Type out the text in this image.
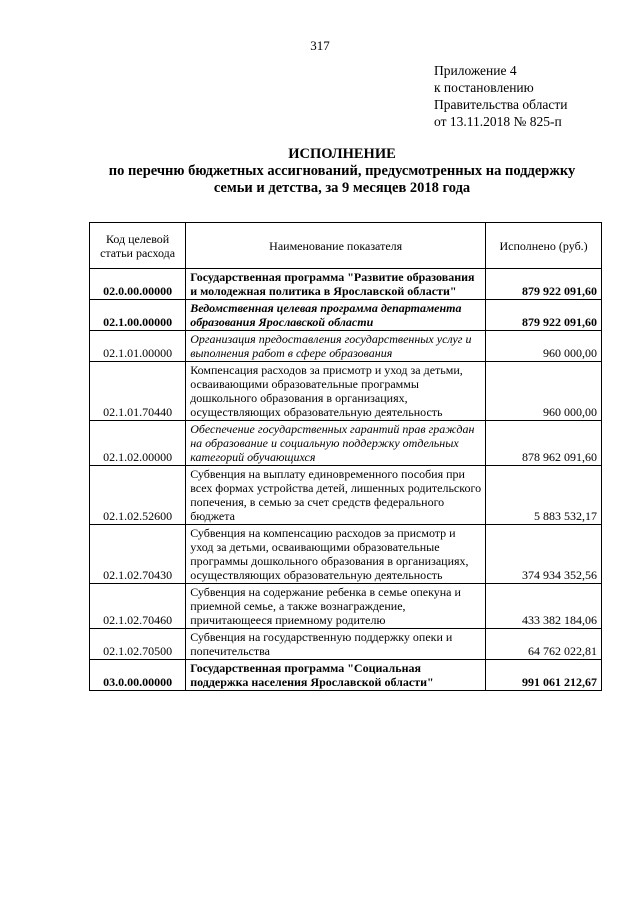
317
Приложение 4
к постановлению
Правительства области
от 13.11.2018 № 825-п
ИСПОЛНЕНИЕ
по перечню бюджетных ассигнований, предусмотренных на поддержку
семьи и детства, за 9 месяцев 2018 года
Код целевой статьи расхода	Наименование показателя	Исполнено (руб.)
02.0.00.00000	Государственная программа "Развитие образования и молодежная политика в Ярославской области"	879 922 091,60
02.1.00.00000	Ведомственная целевая программа департамента образования Ярославской области	879 922 091,60
02.1.01.00000	Организация предоставления государственных услуг и выполнения работ в сфере образования	960 000,00
02.1.01.70440	Компенсация расходов за присмотр и уход за детьми, осваивающими образовательные программы дошкольного образования в организациях, осуществляющих образовательную деятельность	960 000,00
02.1.02.00000	Обеспечение государственных гарантий прав граждан на образование и социальную поддержку отдельных категорий обучающихся	878 962 091,60
02.1.02.52600	Субвенция на выплату единовременного пособия при всех формах устройства детей, лишенных родительского попечения, в семью за счет средств федерального бюджета	5 883 532,17
02.1.02.70430	Субвенция на компенсацию расходов за присмотр и уход за детьми, осваивающими образовательные программы дошкольного образования в организациях, осуществляющих образовательную деятельность	374 934 352,56
02.1.02.70460	Субвенция на содержание ребенка в семье опекуна и приемной семье, а также вознаграждение, причитающееся приемному родителю	433 382 184,06
02.1.02.70500	Субвенция на государственную поддержку опеки и попечительства	64 762 022,81
03.0.00.00000	Государственная программа "Социальная поддержка населения Ярославской области"	991 061 212,67
